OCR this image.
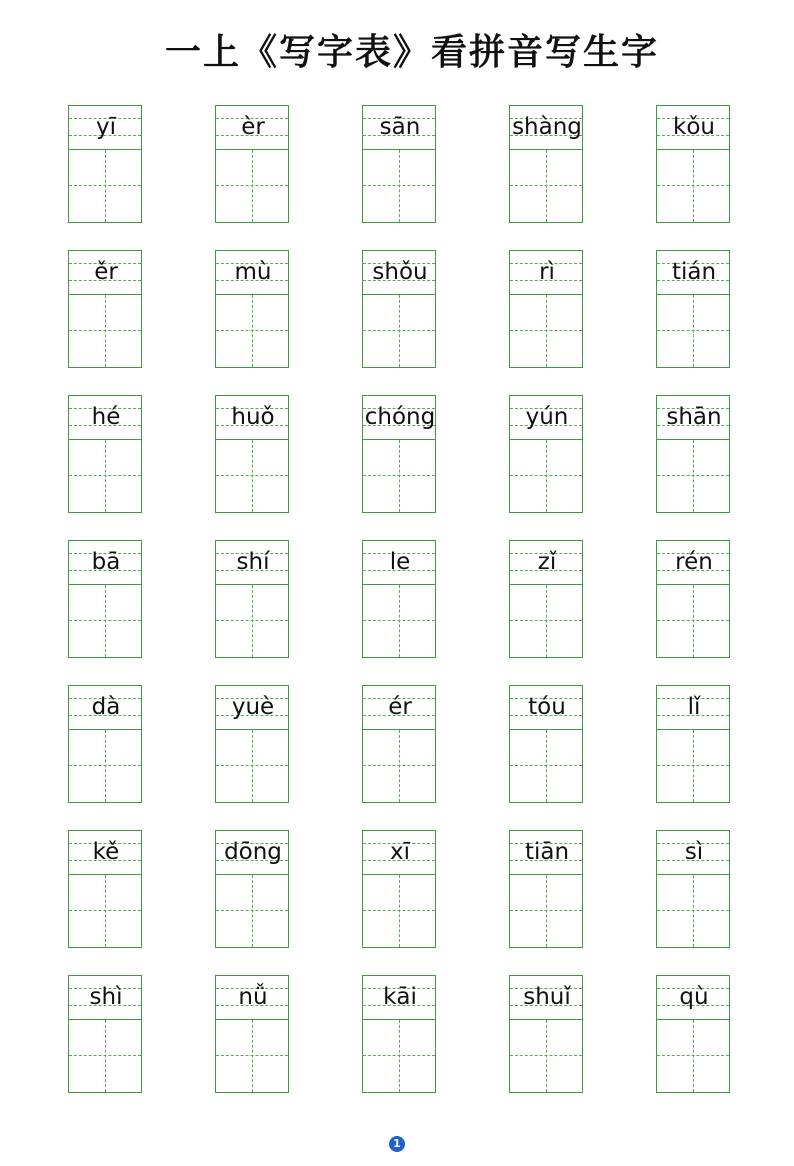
一上《写字表》看拼音写生字
yī	èr	sān	shàng	kǒu
ěr	mù	shǒu	rì	tián
hé	huǒ	chóng	yún	shān
bā	shí	le	zǐ	rén
dà	yuè	ér	tóu	lǐ
kě	dōng	xī	tiān	sì
shì	nǚ	kāi	shuǐ	qù
1
